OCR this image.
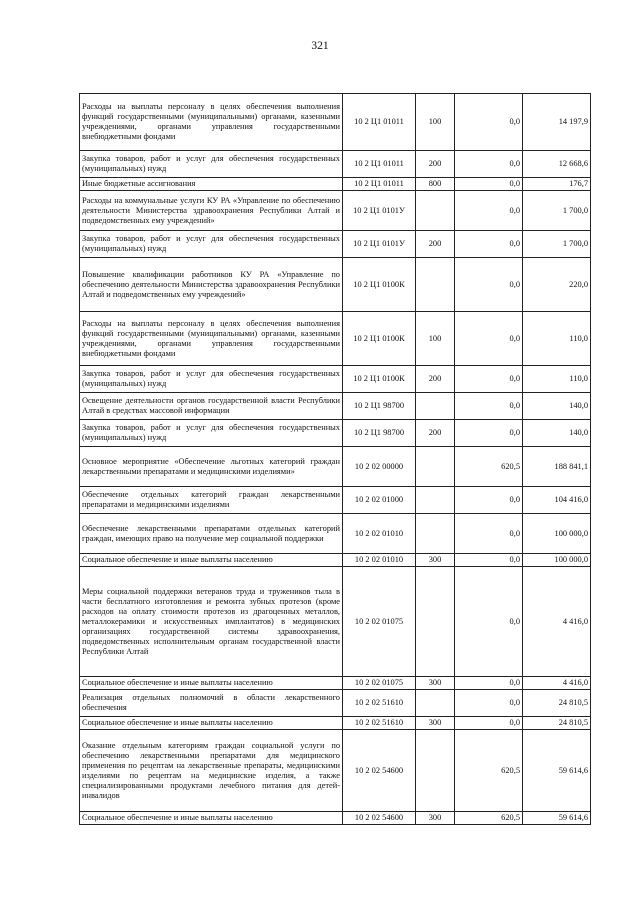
321
Расходы на выплаты персоналу в целях обеспечения выполнения функций государственными (муниципальными) органами, казенными учреждениями, органами управления государственными внебюджетными фондами	10 2 Ц1 01011	100	0,0	14 197,9
Закупка товаров, работ и услуг для обеспечения государственных (муниципальных) нужд	10 2 Ц1 01011	200	0,0	12 668,6
Иные бюджетные ассигнования	10 2 Ц1 01011	800	0,0	176,7
Расходы на коммунальные услуги КУ РА «Управление по обеспечению деятельности Министерства здравоохранения Республики Алтай и подведомственных ему учреждений»	10 2 Ц1 0101У		0,0	1 700,0
Закупка товаров, работ и услуг для обеспечения государственных (муниципальных) нужд	10 2 Ц1 0101У	200	0,0	1 700,0
Повышение квалификации работников КУ РА «Управление по обеспечению деятельности Министерства здравоохранения Республики Алтай и подведомственных ему учреждений»	10 2 Ц1 0100К		0,0	220,0
Расходы на выплаты персоналу в целях обеспечения выполнения функций государственными (муниципальными) органами, казенными учреждениями, органами управления государственными внебюджетными фондами	10 2 Ц1 0100К	100	0,0	110,0
Закупка товаров, работ и услуг для обеспечения государственных (муниципальных) нужд	10 2 Ц1 0100К	200	0,0	110,0
Освещение деятельности органов государственной власти Республики Алтай в средствах массовой информации	10 2 Ц1 98700		0,0	140,0
Закупка товаров, работ и услуг для обеспечения государственных (муниципальных) нужд	10 2 Ц1 98700	200	0,0	140,0
Основное мероприятие «Обеспечение льготных категорий граждан лекарственными препаратами и медицинскими изделиями»	10 2 02 00000		620,5	188 841,1
Обеспечение отдельных категорий граждан лекарственными препаратами и медицинскими изделиями	10 2 02 01000		0,0	104 416,0
Обеспечение лекарственными препаратами отдельных категорий граждан, имеющих право на получение мер социальной поддержки	10 2 02 01010		0,0	100 000,0
Социальное обеспечение и иные выплаты населению	10 2 02 01010	300	0,0	100 000,0
Меры социальной поддержки ветеранов труда и тружеников тыла в части бесплатного изготовления и ремонта зубных протезов (кроме расходов на оплату стоимости протезов из драгоценных металлов, металлокерамики и искусственных имплантатов) в медицинских организациях государственной системы здравоохранения, подведомственных исполнительным органам государственной власти Республики Алтай	10 2 02 01075		0,0	4 416,0
Социальное обеспечение и иные выплаты населению	10 2 02 01075	300	0,0	4 416,0
Реализация отдельных полномочий в области лекарственного обеспечения	10 2 02 51610		0,0	24 810,5
Социальное обеспечение и иные выплаты населению	10 2 02 51610	300	0,0	24 810,5
Оказание отдельным категориям граждан социальной услуги по обеспечению лекарственными препаратами для медицинского применения по рецептам на лекарственные препараты, медицинскими изделиями по рецептам на медицинские изделия, а также специализированными продуктами лечебного питания для детей-инвалидов	10 2 02 54600		620,5	59 614,6
Социальное обеспечение и иные выплаты населению	10 2 02 54600	300	620,5	59 614,6
